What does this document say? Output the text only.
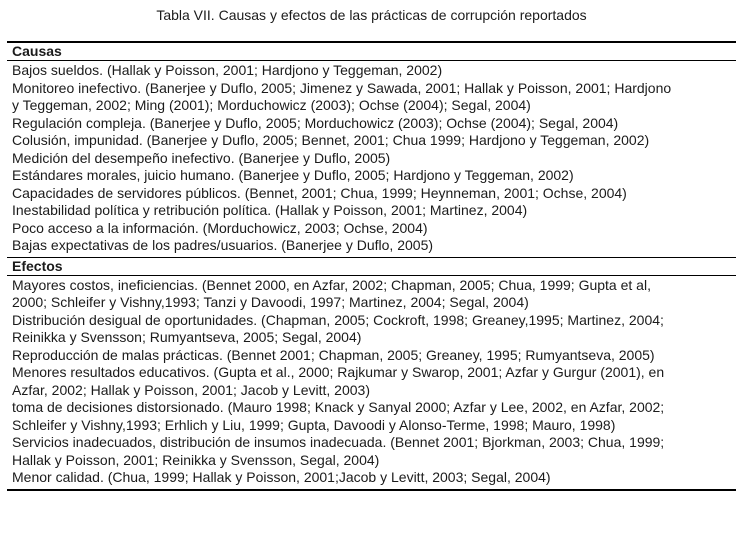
Tabla VII. Causas y efectos de las prácticas de corrupción reportados
Causas
Bajos sueldos. (Hallak y Poisson, 2001; Hardjono y Teggeman, 2002)
Monitoreo inefectivo. (Banerjee y Duflo, 2005; Jimenez y Sawada, 2001; Hallak y Poisson, 2001; Hardjono y Teggeman, 2002; Ming (2001); Morduchowicz (2003); Ochse (2004); Segal, 2004)
Regulación compleja. (Banerjee y Duflo, 2005; Morduchowicz (2003); Ochse (2004); Segal, 2004)
Colusión, impunidad. (Banerjee y Duflo, 2005; Bennet, 2001; Chua 1999; Hardjono y Teggeman, 2002)
Medición del desempeño inefectivo. (Banerjee y Duflo, 2005)
Estándares morales, juicio humano. (Banerjee y Duflo, 2005; Hardjono y Teggeman, 2002)
Capacidades de servidores públicos. (Bennet, 2001; Chua, 1999; Heynneman, 2001; Ochse, 2004)
Inestabilidad política y retribución política. (Hallak y Poisson, 2001; Martinez, 2004)
Poco acceso a la información. (Morduchowicz, 2003; Ochse, 2004)
Bajas expectativas de los padres/usuarios. (Banerjee y Duflo, 2005)
Efectos
Mayores costos, ineficiencias. (Bennet 2000, en Azfar, 2002; Chapman, 2005; Chua, 1999; Gupta et al, 2000; Schleifer y Vishny,1993; Tanzi y Davoodi, 1997; Martinez, 2004; Segal, 2004)
Distribución desigual de oportunidades. (Chapman, 2005; Cockroft, 1998; Greaney,1995; Martinez, 2004; Reinikka y Svensson; Rumyantseva, 2005; Segal, 2004)
Reproducción de malas prácticas. (Bennet 2001; Chapman, 2005; Greaney, 1995; Rumyantseva, 2005)
Menores resultados educativos. (Gupta et al., 2000; Rajkumar y Swarop, 2001; Azfar y Gurgur (2001), en Azfar, 2002; Hallak y Poisson, 2001; Jacob y Levitt, 2003)
toma de decisiones distorsionado. (Mauro 1998; Knack y Sanyal 2000; Azfar y Lee, 2002, en Azfar, 2002; Schleifer y Vishny,1993; Erhlich y Liu, 1999; Gupta, Davoodi y Alonso-Terme, 1998; Mauro, 1998)
Servicios inadecuados, distribución de insumos inadecuada. (Bennet 2001; Bjorkman, 2003; Chua, 1999; Hallak y Poisson, 2001; Reinikka y Svensson, Segal, 2004)
Menor calidad. (Chua, 1999; Hallak y Poisson, 2001;Jacob y Levitt, 2003; Segal, 2004)
